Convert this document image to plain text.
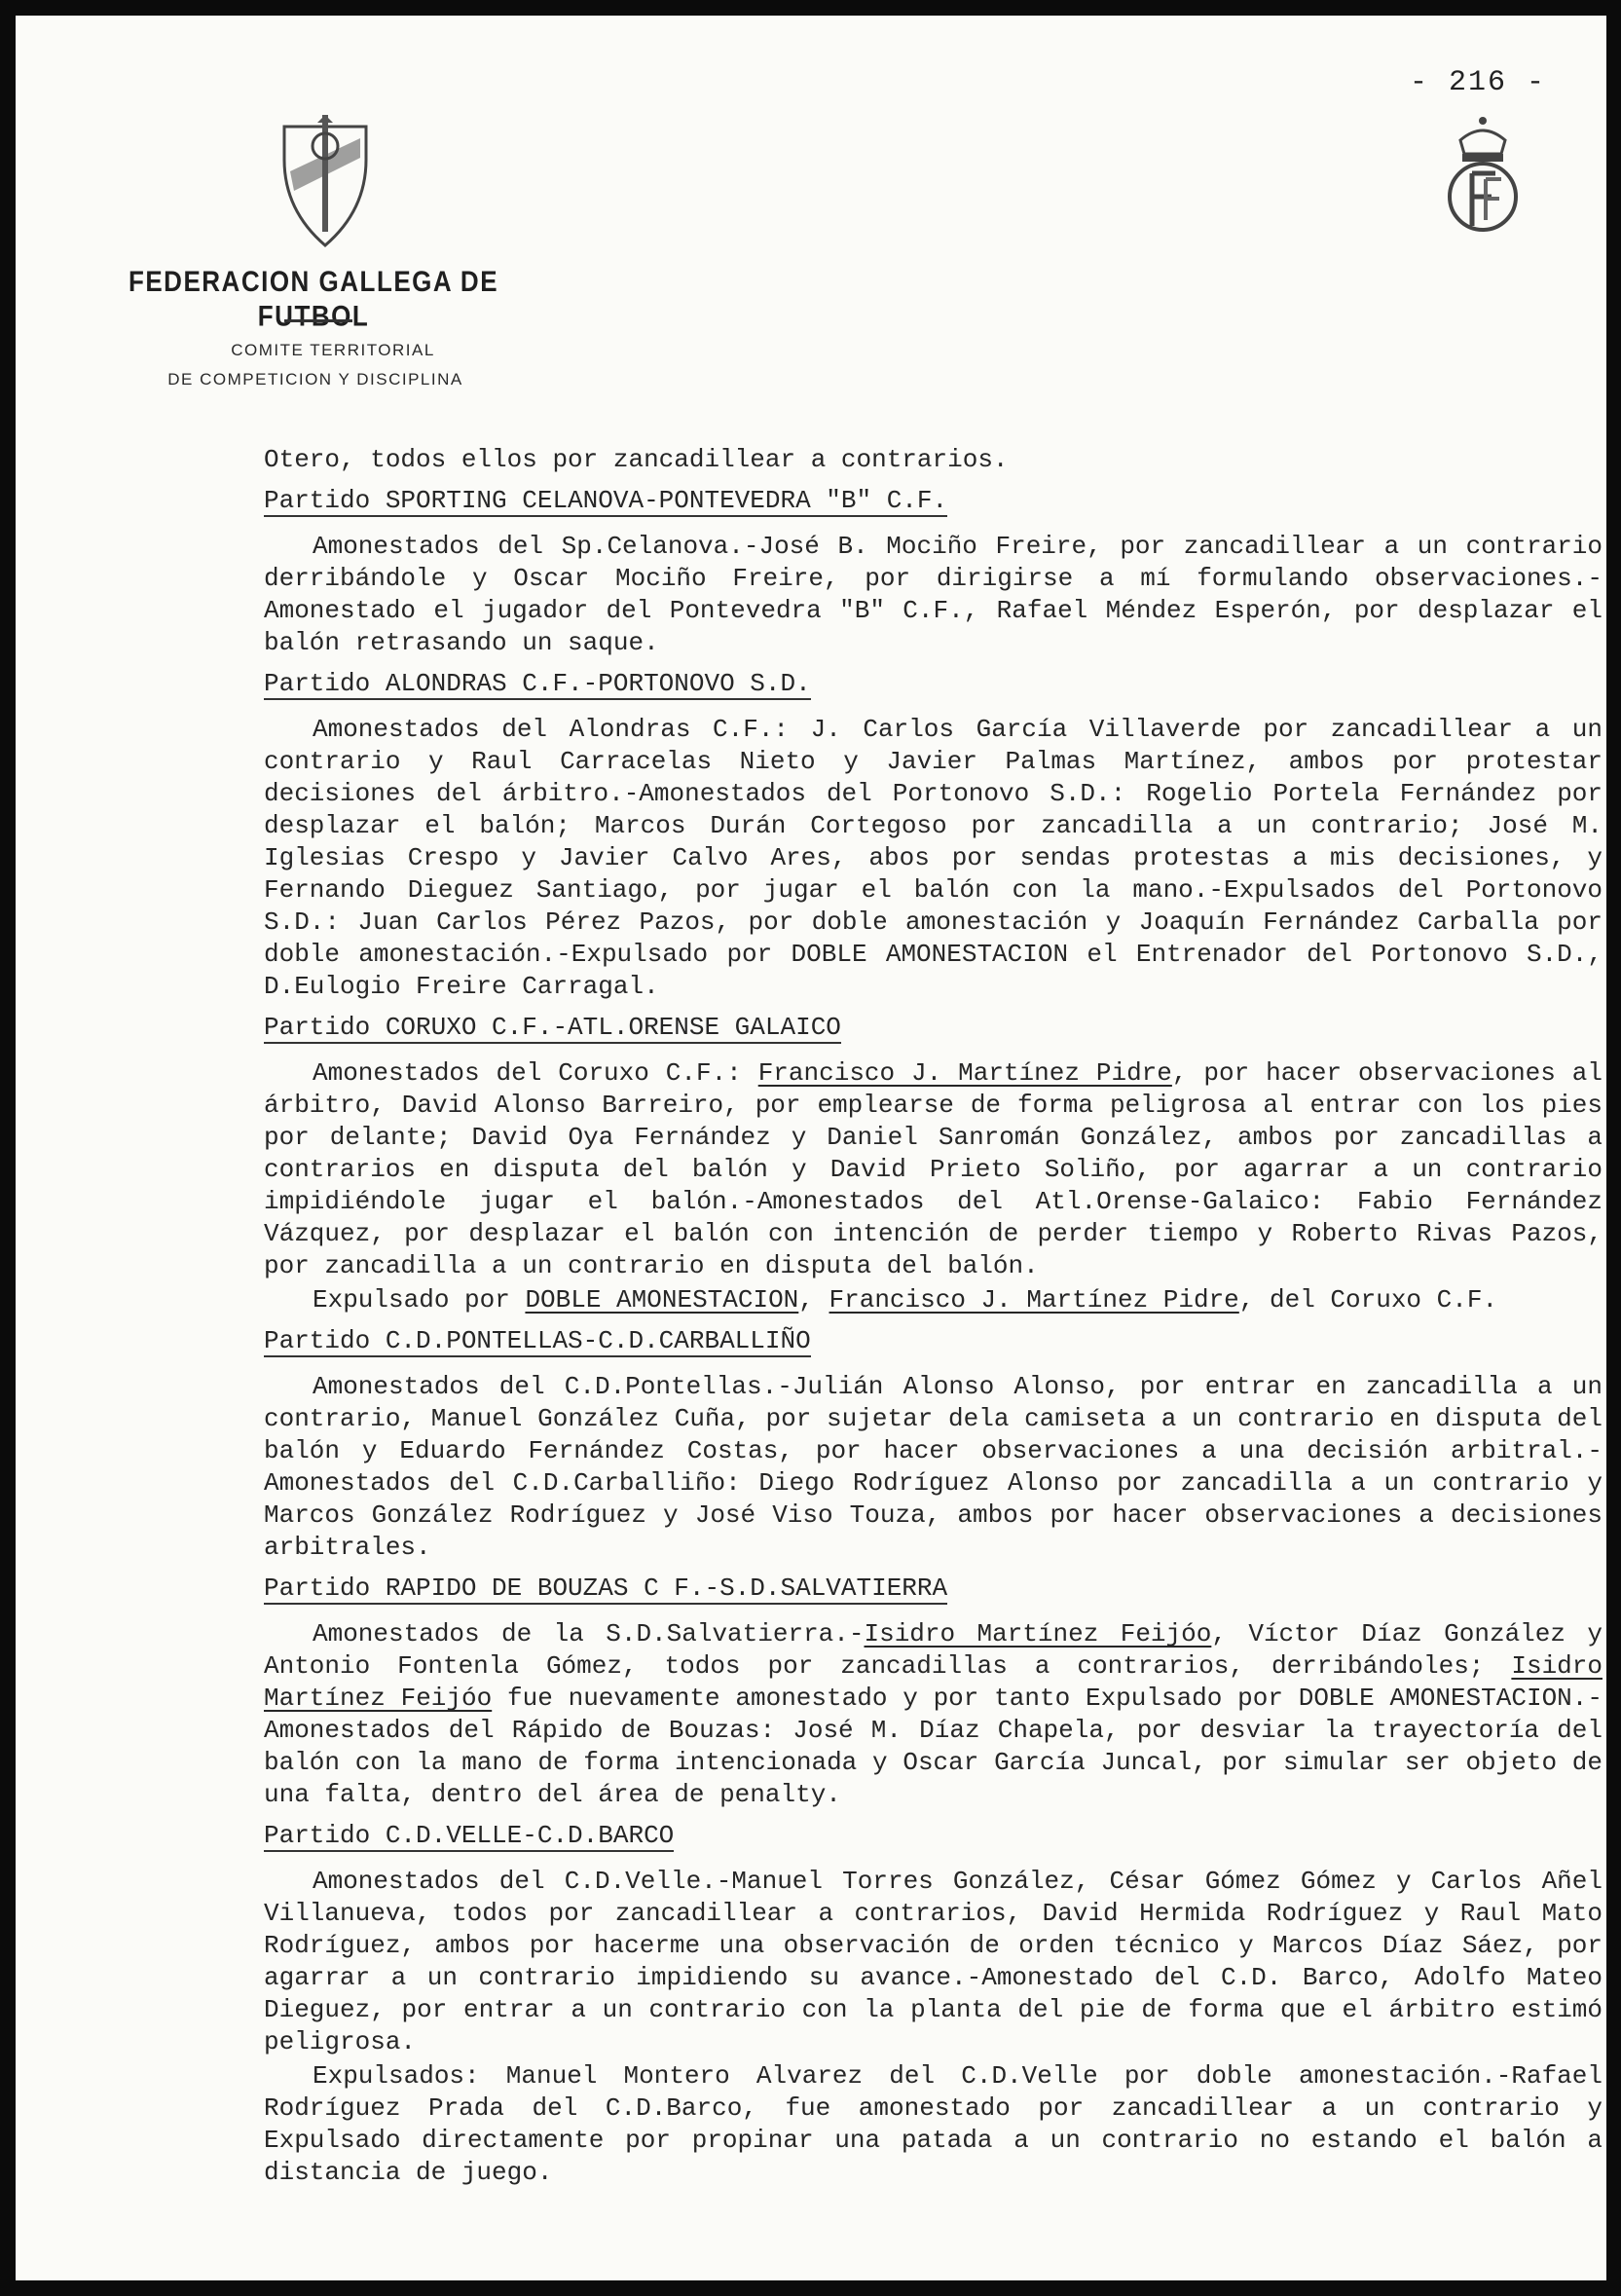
- 216 -
FEDERACION GALLEGA DE FUTBOL
COMITE TERRITORIAL
DE COMPETICION Y DISCIPLINA

Otero, todos ellos por zancadillear a contrarios.

Partido SPORTING CELANOVA-PONTEVEDRA "B" C.F.

Amonestados del Sp.Celanova.-José B. Mociño Freire, por zancadillear a un contrario derribándole y Oscar Mociño Freire, por dirigirse a mí formulando observaciones.-Amonestado el jugador del Pontevedra "B" C.F., Rafael Méndez Esperón, por desplazar el balón retrasando un saque.

Partido ALONDRAS C.F.-PORTONOVO S.D.

Amonestados del Alondras C.F.: J. Carlos García Villaverde por zancadillear a un contrario y Raul Carracelas Nieto y Javier Palmas Martínez, ambos por protestar decisiones del árbitro.-Amonestados del Portonovo S.D.: Rogelio Portela Fernández por desplazar el balón; Marcos Durán Cortegoso por zancadilla a un contrario; José M. Iglesias Crespo y Javier Calvo Ares, abos por sendas protestas a mis decisiones, y Fernando Dieguez Santiago, por jugar el balón con la mano.-Expulsados del Portonovo S.D.: Juan Carlos Pérez Pazos, por doble amonestación y Joaquín Fernández Carballa por doble amonestación.-Expulsado por DOBLE AMONESTACION el Entrenador del Portonovo S.D., D.Eulogio Freire Carragal.

Partido CORUXO C.F.-ATL.ORENSE GALAICO

Amonestados del Coruxo C.F.: Francisco J. Martínez Pidre, por hacer observaciones al árbitro, David Alonso Barreiro, por emplearse de forma peligrosa al entrar con los pies por delante; David Oya Fernández y Daniel Sanromán González, ambos por zancadillas a contrarios en disputa del balón y David Prieto Soliño, por agarrar a un contrario impidiéndole jugar el balón.-Amonestados del Atl.Orense-Galaico: Fabio Fernández Vázquez, por desplazar el balón con intención de perder tiempo y Roberto Rivas Pazos, por zancadilla a un contrario en disputa del balón.

Expulsado por DOBLE AMONESTACION, Francisco J. Martínez Pidre, del Coruxo C.F.

Partido C.D.PONTELLAS-C.D.CARBALLIÑO

Amonestados del C.D.Pontellas.-Julián Alonso Alonso, por entrar en zancadilla a un contrario, Manuel González Cuña, por sujetar dela camiseta a un contrario en disputa del balón y Eduardo Fernández Costas, por hacer observaciones a una decisión arbitral.-Amonestados del C.D.Carballiño: Diego Rodríguez Alonso por zancadilla a un contrario y Marcos González Rodríguez y José Viso Touza, ambos por hacer observaciones a decisiones arbitrales.

Partido RAPIDO DE BOUZAS C F.-S.D.SALVATIERRA

Amonestados de la S.D.Salvatierra.-Isidro Martínez Feijóo, Víctor Díaz González y Antonio Fontenla Gómez, todos por zancadillas a contrarios, derribándoles; Isidro Martínez Feijóo fue nuevamente amonestado y por tanto Expulsado por DOBLE AMONESTACION.-Amonestados del Rápido de Bouzas: José M. Díaz Chapela, por desviar la trayectoría del balón con la mano de forma intencionada y Oscar García Juncal, por simular ser objeto de una falta, dentro del área de penalty.

Partido C.D.VELLE-C.D.BARCO

Amonestados del C.D.Velle.-Manuel Torres González, César Gómez Gómez y Carlos Añel Villanueva, todos por zancadillear a contrarios, David Hermida Rodríguez y Raul Mato Rodríguez, ambos por hacerme una observación de orden técnico y Marcos Díaz Sáez, por agarrar a un contrario impidiendo su avance.-Amonestado del C.D. Barco, Adolfo Mateo Dieguez, por entrar a un contrario con la planta del pie de forma que el árbitro estimó peligrosa.

Expulsados: Manuel Montero Alvarez del C.D.Velle por doble amonestación.-Rafael Rodríguez Prada del C.D.Barco, fue amonestado por zancadillear a un contrario y Expulsado directamente por propinar una patada a un contrario no estando el balón a distancia de juego.
